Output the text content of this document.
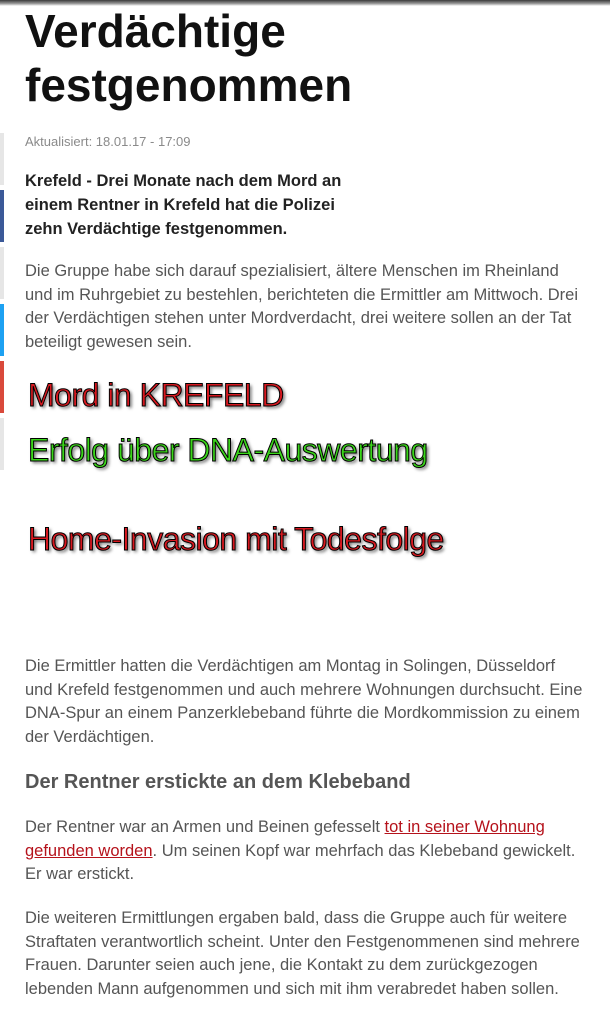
Verdächtige festgenommen
Aktualisiert: 18.01.17 - 17:09

Krefeld - Drei Monate nach dem Mord an einem Rentner in Krefeld hat die Polizei zehn Verdächtige festgenommen.

Die Gruppe habe sich darauf spezialisiert, ältere Menschen im Rheinland und im Ruhrgebiet zu bestehlen, berichteten die Ermittler am Mittwoch. Drei der Verdächtigen stehen unter Mordverdacht, drei weitere sollen an der Tat beteiligt gewesen sein.

Mord in KREFELD
Erfolg über DNA-Auswertung
Home-Invasion mit Todesfolge

Die Ermittler hatten die Verdächtigen am Montag in Solingen, Düsseldorf und Krefeld festgenommen und auch mehrere Wohnungen durchsucht. Eine DNA-Spur an einem Panzerklebeband führte die Mordkommission zu einem der Verdächtigen.

Der Rentner erstickte an dem Klebeband

Der Rentner war an Armen und Beinen gefesselt tot in seiner Wohnung gefunden worden. Um seinen Kopf war mehrfach das Klebeband gewickelt. Er war erstickt.

Die weiteren Ermittlungen ergaben bald, dass die Gruppe auch für weitere Straftaten verantwortlich scheint. Unter den Festgenommenen sind mehrere Frauen. Darunter seien auch jene, die Kontakt zu dem zurückgezogen lebenden Mann aufgenommen und sich mit ihm verabredet haben sollen.
